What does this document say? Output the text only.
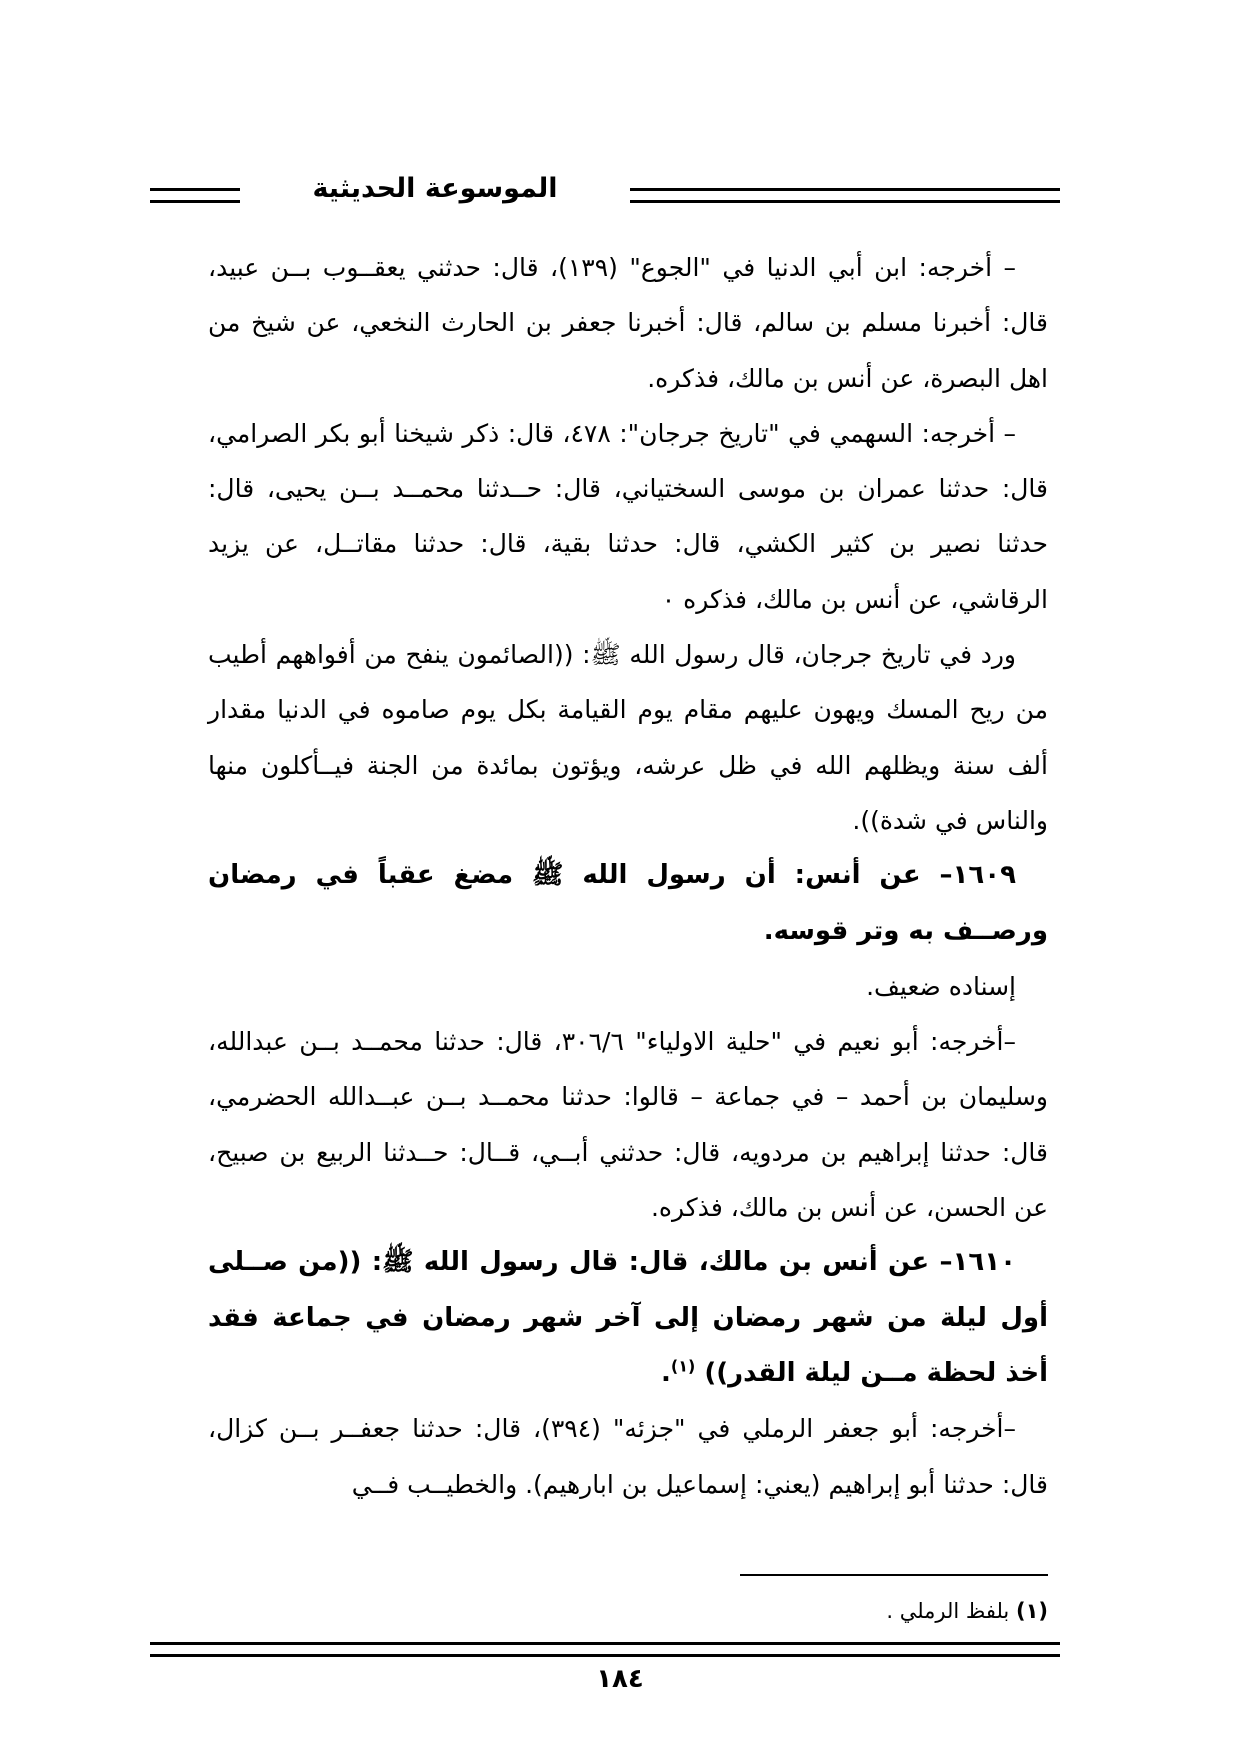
الموسوعة الحديثية

– أخرجه: ابن أبي الدنيا في "الجوع" (١٣٩)، قال: حدثني يعقــوب بــن عبيد، قال: أخبرنا مسلم بن سالم، قال: أخبرنا جعفر بن الحارث النخعي، عن شيخ من اهل البصرة، عن أنس بن مالك، فذكره.

– أخرجه: السهمي في "تاريخ جرجان": ٤٧٨، قال: ذكر شيخنا أبو بكر الصرامي، قال: حدثنا عمران بن موسى السختياني، قال: حــدثنا محمــد بــن يحيى، قال: حدثنا نصير بن كثير الكشي، قال: حدثنا بقية، قال: حدثنا مقاتــل، عن يزيد الرقاشي، عن أنس بن مالك، فذكره ٠

ورد في تاريخ جرجان، قال رسول الله ﷺ: ((الصائمون ينفح من أفواههم أطيب من ريح المسك ويهون عليهم مقام يوم القيامة بكل يوم صاموه في الدنيا مقدار ألف سنة ويظلهم الله في ظل عرشه، ويؤتون بمائدة من الجنة فيــأكلون منها والناس في شدة)).

١٦٠٩– عن أنس: أن رسول الله ﷺ مضغ عقباً في رمضان ورصــف به وتر قوسه.

إسناده ضعيف.

–أخرجه: أبو نعيم في "حلية الاولياء" ٣٠٦/٦، قال: حدثنا محمــد بــن عبدالله، وسليمان بن أحمد – في جماعة – قالوا: حدثنا محمــد بــن عبــدالله الحضرمي، قال: حدثنا إبراهيم بن مردويه، قال: حدثني أبــي، قــال: حــدثنا الربيع بن صبيح، عن الحسن، عن أنس بن مالك، فذكره.

١٦١٠– عن أنس بن مالك، قال: قال رسول الله ﷺ: ((من صــلى أول ليلة من شهر رمضان إلى آخر شهر رمضان في جماعة فقد أخذ لحظة مــن ليلة القدر)) $^{(١)}$.

–أخرجه: أبو جعفر الرملي في "جزئه" (٣٩٤)، قال: حدثنا جعفــر بــن كزال، قال: حدثنا أبو إبراهيم (يعني: إسماعيل بن ابارهيم). والخطيــب فــي

(١) بلفظ الرملي .
١٨٤
